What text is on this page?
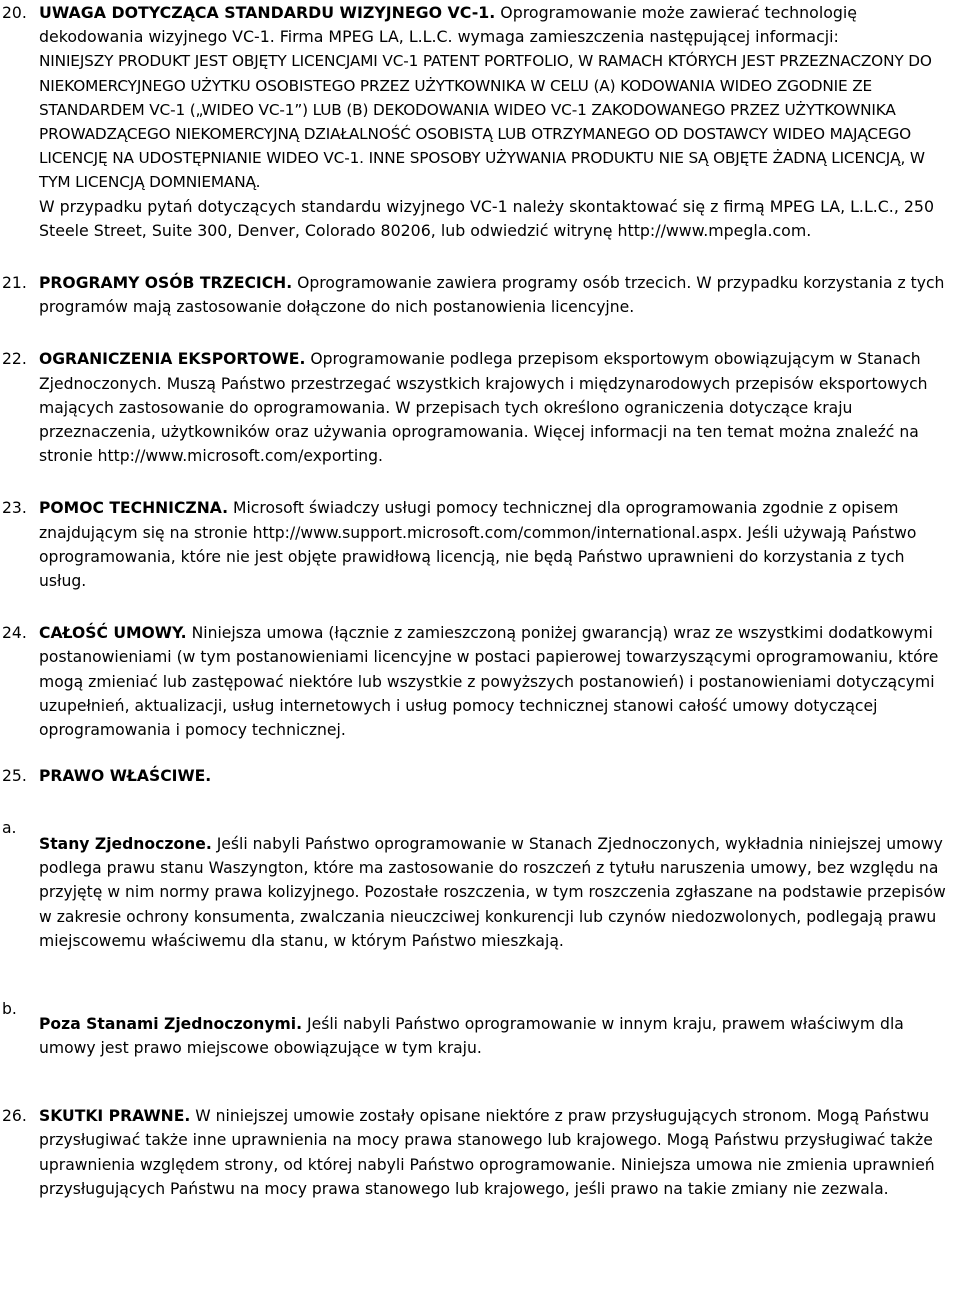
20. UWAGA DOTYCZĄCA STANDARDU WIZYJNEGO VC-1. Oprogramowanie może zawierać technologię dekodowania wizyjnego VC-1. Firma MPEG LA, L.L.C. wymaga zamieszczenia następującej informacji:

NINIEJSZY PRODUKT JEST OBJĘTY LICENCJAMI VC-1 PATENT PORTFOLIO, W RAMACH KTÓRYCH JEST PRZEZNACZONY DO NIEKOMERCYJNEGO UŻYTKU OSOBISTEGO PRZEZ UŻYTKOWNIKA W CELU (A) KODOWANIA WIDEO ZGODNIE ZE STANDARDEM VC-1 („WIDEO VC-1”) LUB (B) DEKODOWANIA WIDEO VC-1 ZAKODOWANEGO PRZEZ UŻYTKOWNIKA PROWADZĄCEGO NIEKOMERCYJNĄ DZIAŁALNOŚĆ OSOBISTĄ LUB OTRZYMANEGO OD DOSTAWCY WIDEO MAJĄCEGO LICENCJĘ NA UDOSTĘPNIANIE WIDEO VC-1. INNE SPOSOBY UŻYWANIA PRODUKTU NIE SĄ OBJĘTE ŻADNĄ LICENCJĄ, W TYM LICENCJĄ DOMNIEMANĄ.

W przypadku pytań dotyczących standardu wizyjnego VC-1 należy skontaktować się z firmą MPEG LA, L.L.C., 250 Steele Street, Suite 300, Denver, Colorado 80206, lub odwiedzić witrynę http://www.mpegla.com.

21. PROGRAMY OSÓB TRZECICH. Oprogramowanie zawiera programy osób trzecich. W przypadku korzystania z tych programów mają zastosowanie dołączone do nich postanowienia licencyjne.

22. OGRANICZENIA EKSPORTOWE. Oprogramowanie podlega przepisom eksportowym obowiązującym w Stanach Zjednoczonych. Muszą Państwo przestrzegać wszystkich krajowych i międzynarodowych przepisów eksportowych mających zastosowanie do oprogramowania. W przepisach tych określono ograniczenia dotyczące kraju przeznaczenia, użytkowników oraz używania oprogramowania. Więcej informacji na ten temat można znaleźć na stronie http://www.microsoft.com/exporting.

23. POMOC TECHNICZNA. Microsoft świadczy usługi pomocy technicznej dla oprogramowania zgodnie z opisem znajdującym się na stronie http://www.support.microsoft.com/common/international.aspx. Jeśli używają Państwo oprogramowania, które nie jest objęte prawidłową licencją, nie będą Państwo uprawnieni do korzystania z tych usług.

24. CAŁOŚĆ UMOWY. Niniejsza umowa (łącznie z zamieszczoną poniżej gwarancją) wraz ze wszystkimi dodatkowymi postanowieniami (w tym postanowieniami licencyjne w postaci papierowej towarzyszącymi oprogramowaniu, które mogą zmieniać lub zastępować niektóre lub wszystkie z powyższych postanowień) i postanowieniami dotyczącymi uzupełnień, aktualizacji, usług internetowych i usług pomocy technicznej stanowi całość umowy dotyczącej oprogramowania i pomocy technicznej.

25. PRAWO WŁAŚCIWE.

a.

Stany Zjednoczone. Jeśli nabyli Państwo oprogramowanie w Stanach Zjednoczonych, wykładnia niniejszej umowy podlega prawu stanu Waszyngton, które ma zastosowanie do roszczeń z tytułu naruszenia umowy, bez względu na przyjętę w nim normy prawa kolizyjnego. Pozostałe roszczenia, w tym roszczenia zgłaszane na podstawie przepisów w zakresie ochrony konsumenta, zwalczania nieuczciwej konkurencji lub czynów niedozwolonych, podlegają prawu miejscowemu właściwemu dla stanu, w którym Państwo mieszkają.

b.

Poza Stanami Zjednoczonymi. Jeśli nabyli Państwo oprogramowanie w innym kraju, prawem właściwym dla umowy jest prawo miejscowe obowiązujące w tym kraju.

26. SKUTKI PRAWNE. W niniejszej umowie zostały opisane niektóre z praw przysługujących stronom. Mogą Państwu przysługiwać także inne uprawnienia na mocy prawa stanowego lub krajowego. Mogą Państwu przysługiwać także uprawnienia względem strony, od której nabyli Państwo oprogramowanie. Niniejsza umowa nie zmienia uprawnień przysługujących Państwu na mocy prawa stanowego lub krajowego, jeśli prawo na takie zmiany nie zezwala.
